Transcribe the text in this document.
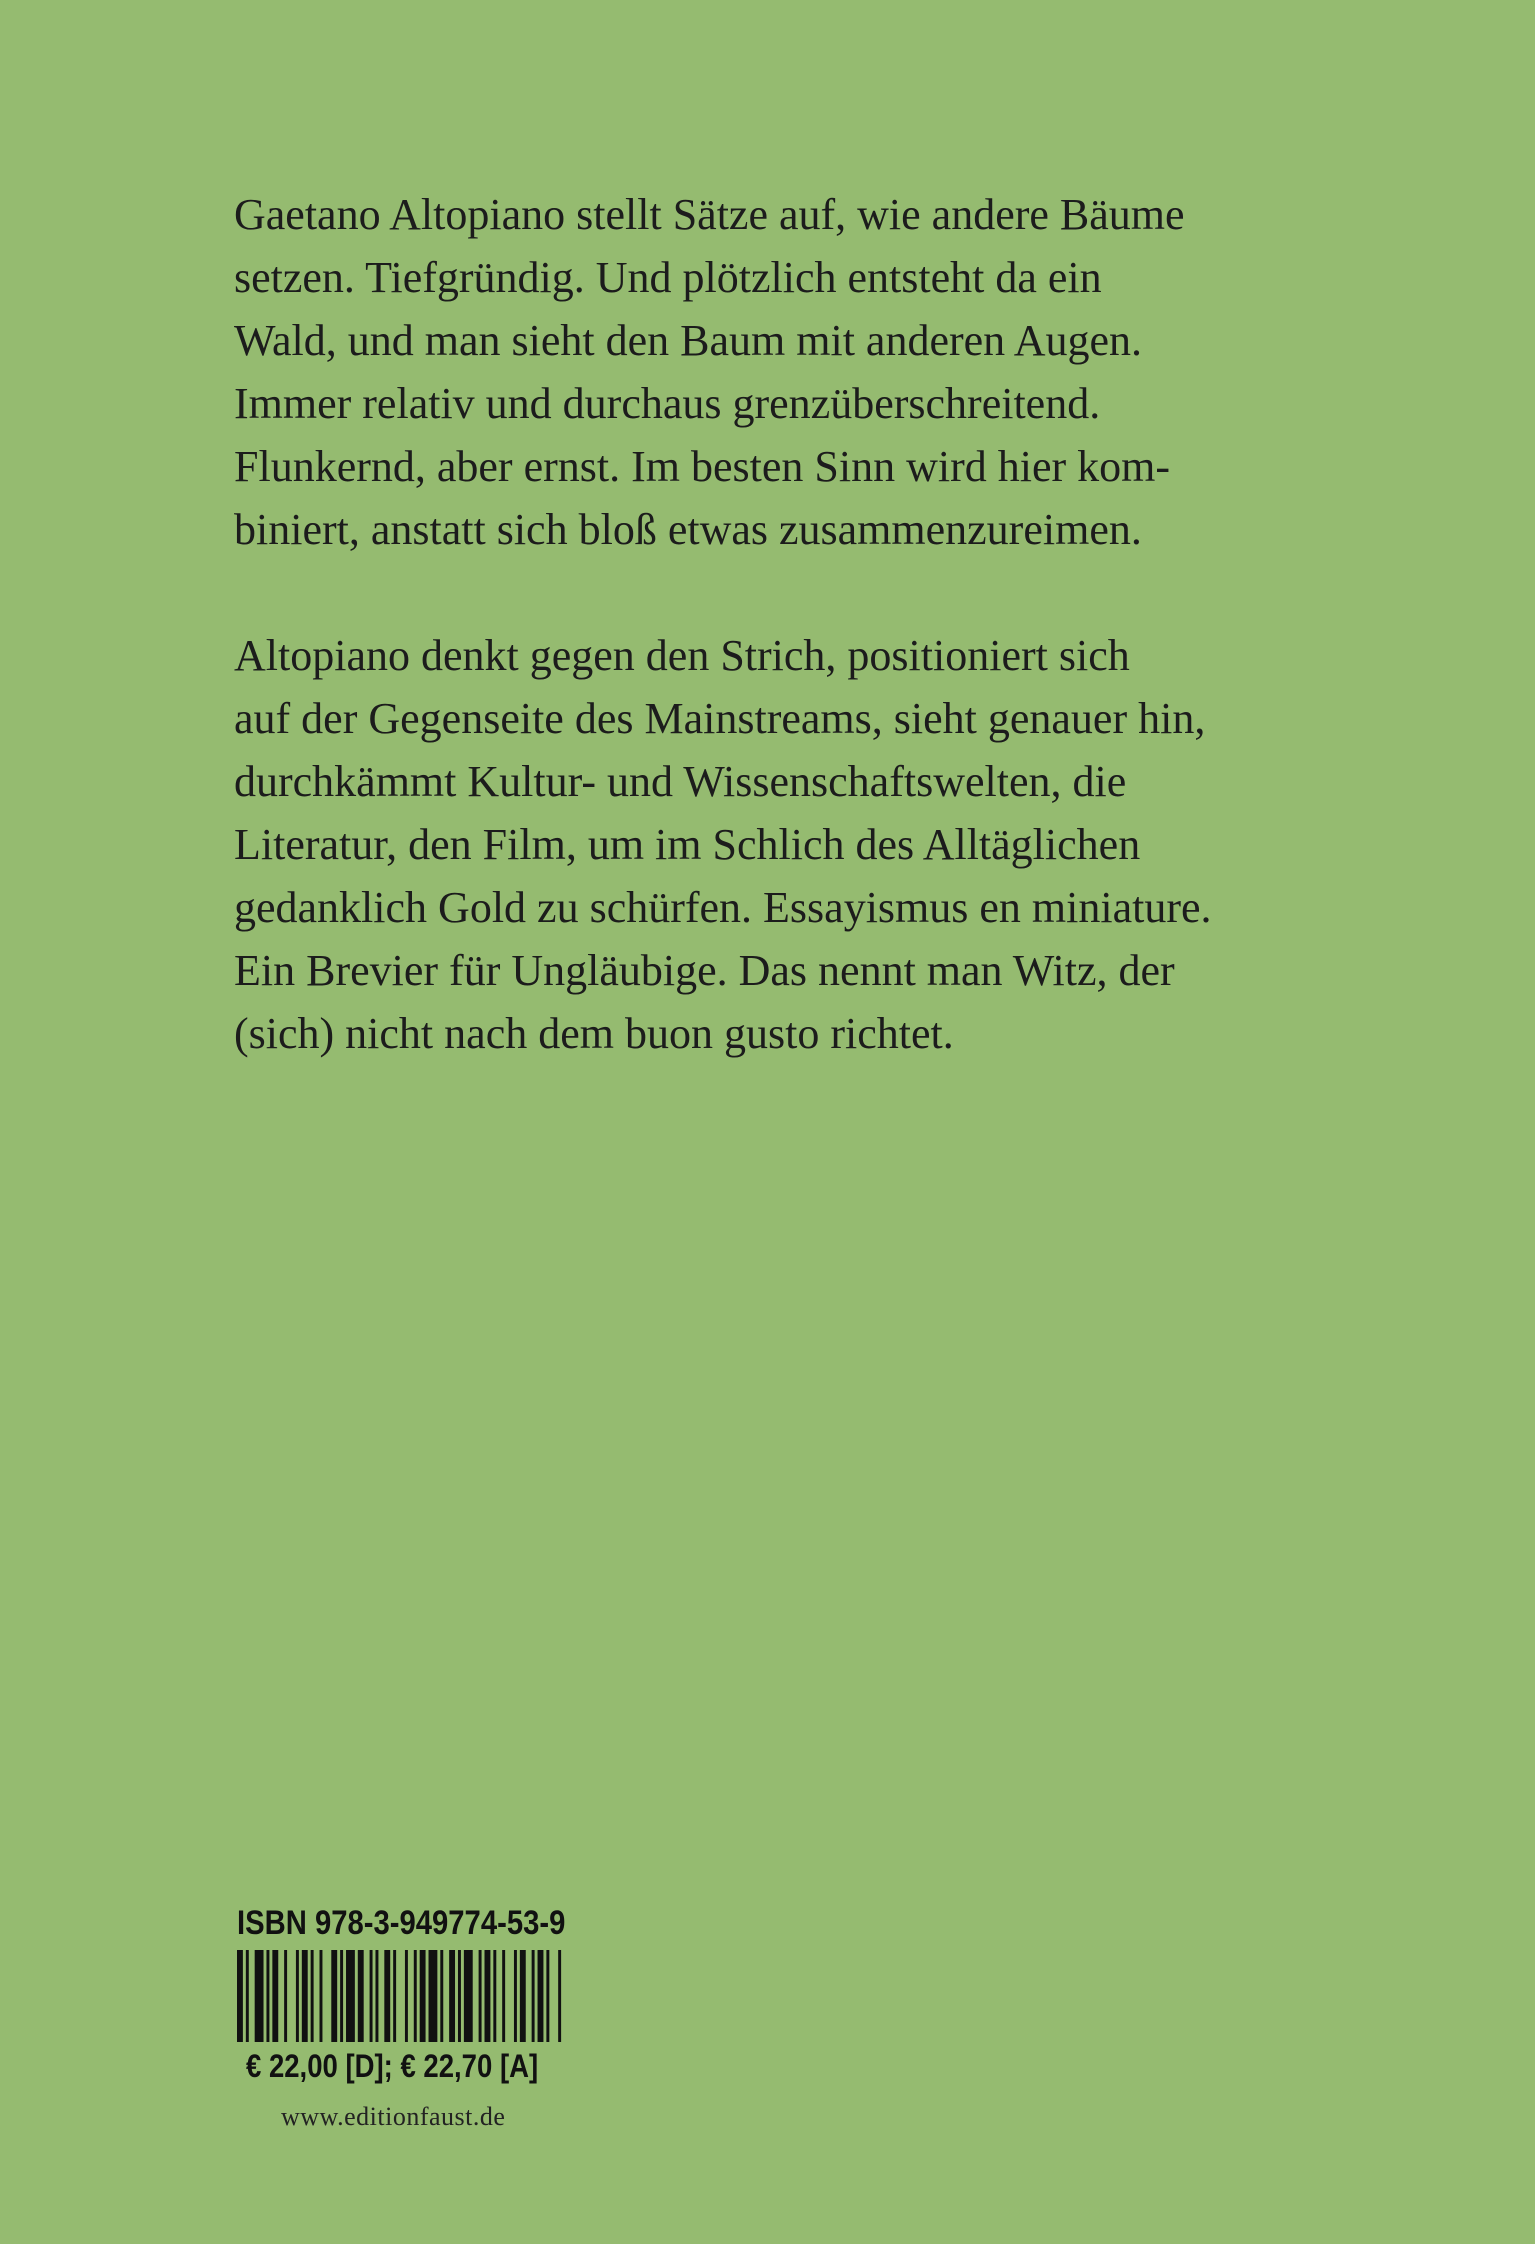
Gaetano Altopiano stellt Sätze auf, wie andere Bäume
setzen. Tiefgründig. Und plötzlich entsteht da ein
Wald, und man sieht den Baum mit anderen Augen.
Immer relativ und durchaus grenzüberschreitend.
Flunkernd, aber ernst. Im besten Sinn wird hier kom-
biniert, anstatt sich bloß etwas zusammenzureimen.

Altopiano denkt gegen den Strich, positioniert sich
auf der Gegenseite des Mainstreams, sieht genauer hin,
durchkämmt Kultur- und Wissenschaftswelten, die
Literatur, den Film, um im Schlich des Alltäglichen
gedanklich Gold zu schürfen. Essayismus en miniature.
Ein Brevier für Ungläubige. Das nennt man Witz, der
(sich) nicht nach dem buon gusto richtet.

ISBN 978-3-949774-53-9
€ 22,00 [D]; € 22,70 [A]
www.editionfaust.de
